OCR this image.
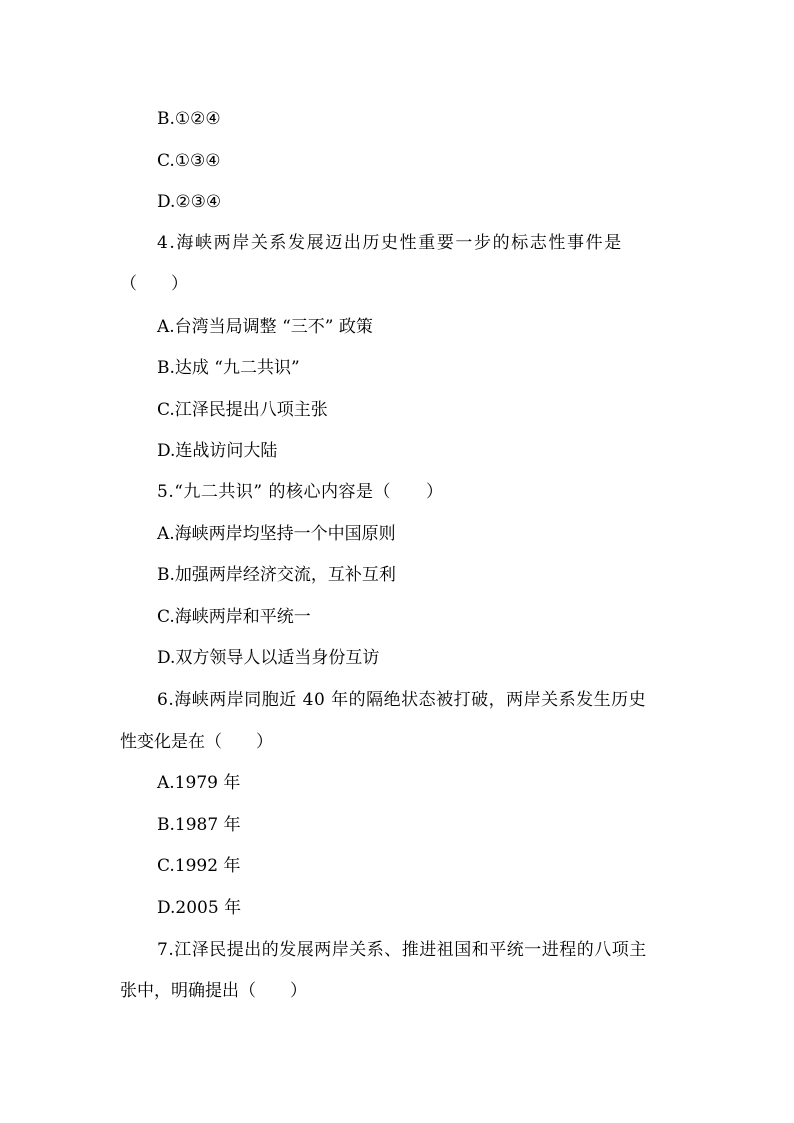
B.①②④
C.①③④
D.②③④
4.海峡两岸关系发展迈出历史性重要一步的标志性事件是
（　　）
A.台湾当局调整 “三不” 政策
B.达成 “九二共识”
C.江泽民提出八项主张
D.连战访问大陆
5.“九二共识” 的核心内容是（　　）
A.海峡两岸均坚持一个中国原则
B.加强两岸经济交流，互补互利
C.海峡两岸和平统一
D.双方领导人以适当身份互访
6.海峡两岸同胞近 40 年的隔绝状态被打破，两岸关系发生历史
性变化是在（　　）
A.1979 年
B.1987 年
C.1992 年
D.2005 年
7.江泽民提出的发展两岸关系、推进祖国和平统一进程的八项主
张中，明确提出（　　）
